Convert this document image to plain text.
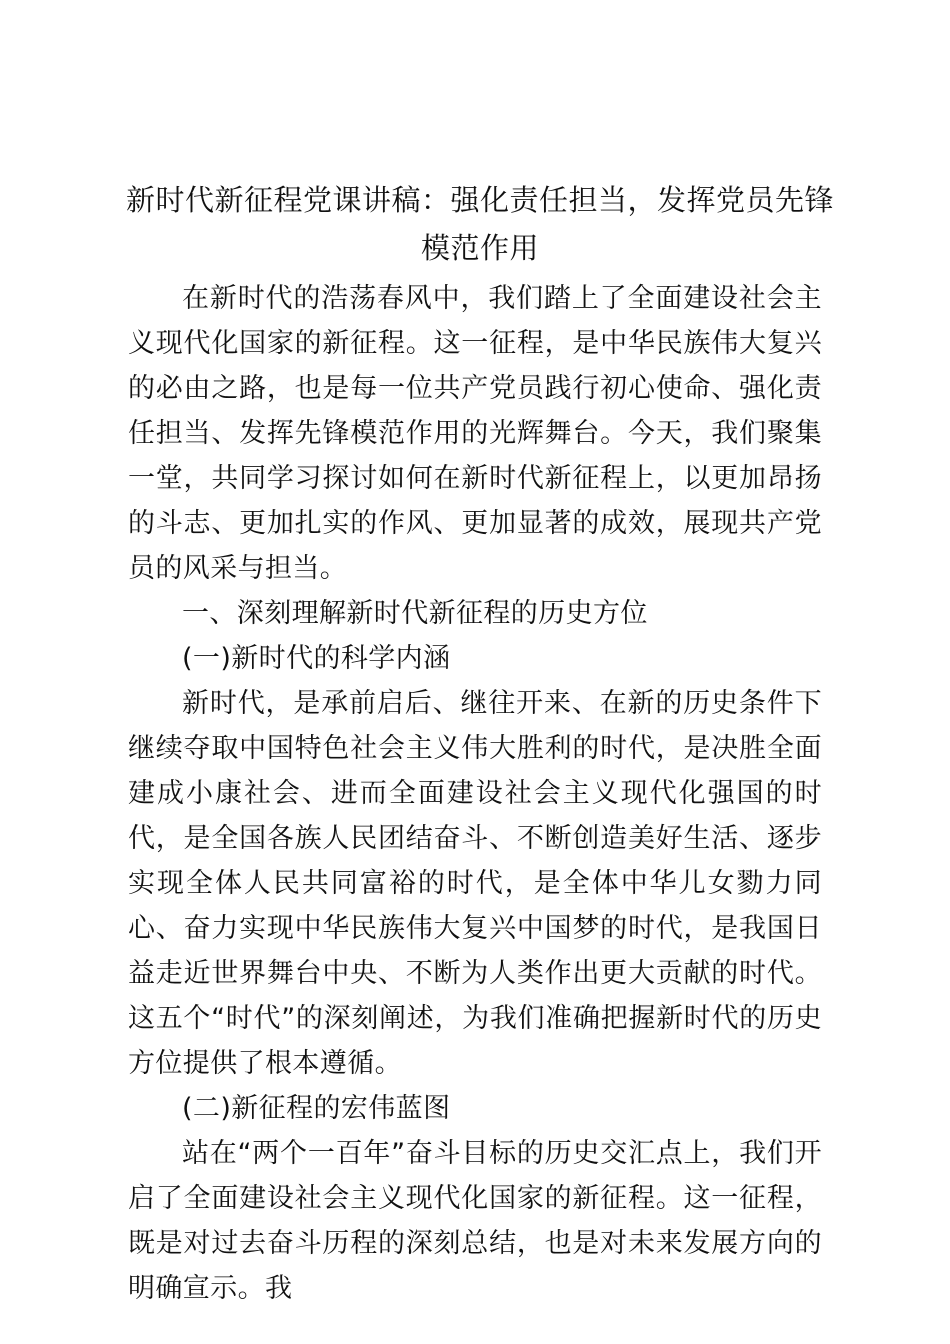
新时代新征程党课讲稿：强化责任担当，发挥党员先锋
模范作用

在新时代的浩荡春风中，我们踏上了全面建设社会主义现代化国家的新征程。这一征程，是中华民族伟大复兴的必由之路，也是每一位共产党员践行初心使命、强化责任担当、发挥先锋模范作用的光辉舞台。今天，我们聚集一堂，共同学习探讨如何在新时代新征程上，以更加昂扬的斗志、更加扎实的作风、更加显著的成效，展现共产党员的风采与担当。

一、深刻理解新时代新征程的历史方位

(一)新时代的科学内涵

新时代，是承前启后、继往开来、在新的历史条件下继续夺取中国特色社会主义伟大胜利的时代，是决胜全面建成小康社会、进而全面建设社会主义现代化强国的时代，是全国各族人民团结奋斗、不断创造美好生活、逐步实现全体人民共同富裕的时代，是全体中华儿女勠力同心、奋力实现中华民族伟大复兴中国梦的时代，是我国日益走近世界舞台中央、不断为人类作出更大贡献的时代。这五个“时代”的深刻阐述，为我们准确把握新时代的历史方位提供了根本遵循。

(二)新征程的宏伟蓝图

站在“两个一百年”奋斗目标的历史交汇点上，我们开启了全面建设社会主义现代化国家的新征程。这一征程，既是对过去奋斗历程的深刻总结，也是对未来发展方向的明确宣示。我
